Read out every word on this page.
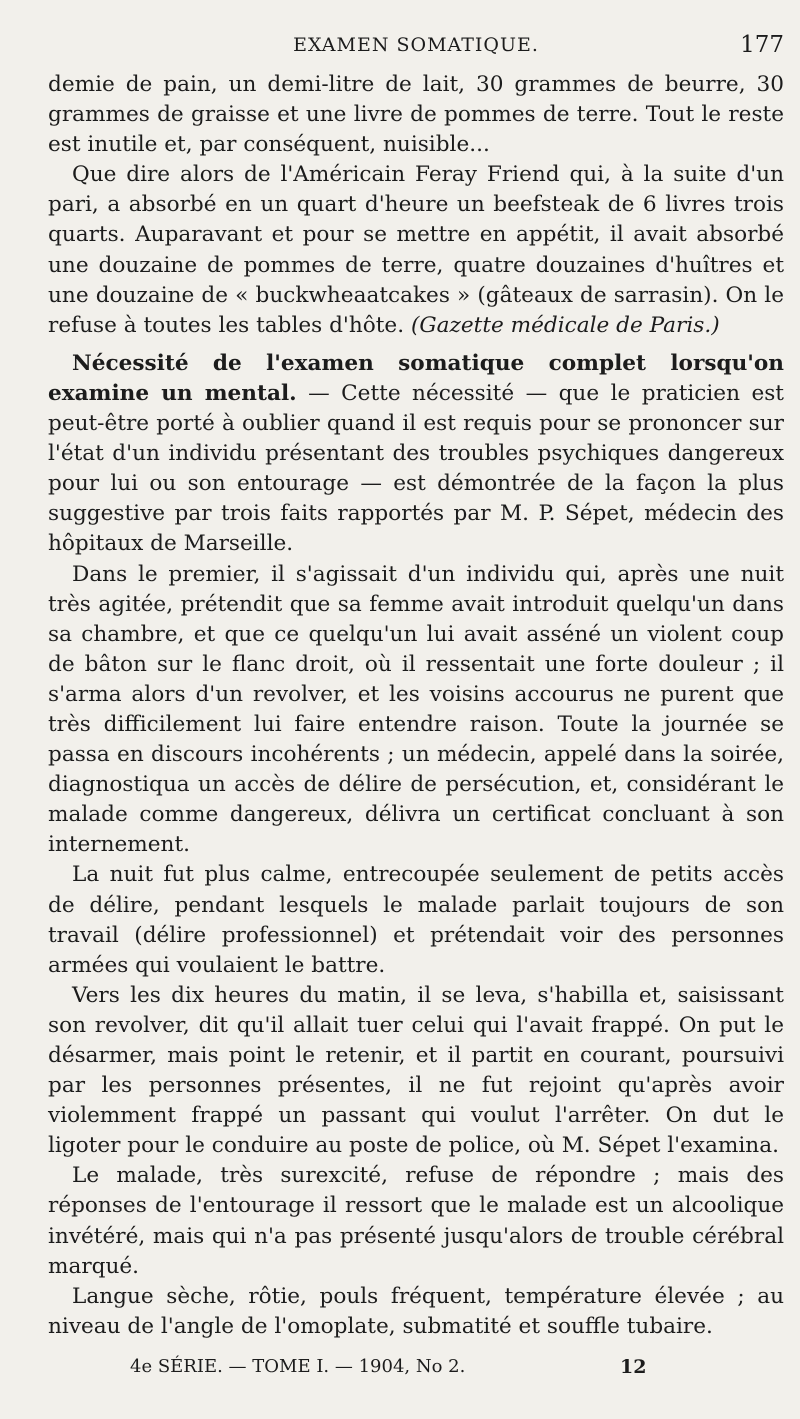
EXAMEN SOMATIQUE.	177

demie de pain, un demi-litre de lait, 30 grammes de beurre, 30 grammes de graisse et une livre de pommes de terre. Tout le reste est inutile et, par conséquent, nuisible...

Que dire alors de l'Américain Feray Friend qui, à la suite d'un pari, a absorbé en un quart d'heure un beefsteak de 6 livres trois quarts. Auparavant et pour se mettre en appétit, il avait absorbé une douzaine de pommes de terre, quatre douzaines d'huîtres et une douzaine de « buckwheaatcakes » (gâteaux de sarrasin). On le refuse à toutes les tables d'hôte. (Gazette médicale de Paris.)

Nécessité de l'examen somatique complet lorsqu'on examine un mental. — Cette nécessité — que le praticien est peut-être porté à oublier quand il est requis pour se prononcer sur l'état d'un individu présentant des troubles psychiques dangereux pour lui ou son entourage — est démontrée de la façon la plus suggestive par trois faits rapportés par M. P. Sépet, médecin des hôpitaux de Marseille.

Dans le premier, il s'agissait d'un individu qui, après une nuit très agitée, prétendit que sa femme avait introduit quelqu'un dans sa chambre, et que ce quelqu'un lui avait asséné un violent coup de bâton sur le flanc droit, où il ressentait une forte douleur ; il s'arma alors d'un revolver, et les voisins accourus ne purent que très difficilement lui faire entendre raison. Toute la journée se passa en discours incohérents ; un médecin, appelé dans la soirée, diagnostiqua un accès de délire de persécution, et, considérant le malade comme dangereux, délivra un certificat concluant à son internement.

La nuit fut plus calme, entrecoupée seulement de petits accès de délire, pendant lesquels le malade parlait toujours de son travail (délire professionnel) et prétendait voir des personnes armées qui voulaient le battre.

Vers les dix heures du matin, il se leva, s'habilla et, saisissant son revolver, dit qu'il allait tuer celui qui l'avait frappé. On put le désarmer, mais point le retenir, et il partit en courant, poursuivi par les personnes présentes, il ne fut rejoint qu'après avoir violemment frappé un passant qui voulut l'arrêter. On dut le ligoter pour le conduire au poste de police, où M. Sépet l'examina.

Le malade, très surexcité, refuse de répondre ; mais des réponses de l'entourage il ressort que le malade est un alcoolique invétéré, mais qui n'a pas présenté jusqu'alors de trouble cérébral marqué.

Langue sèche, rôtie, pouls fréquent, température élevée ; au niveau de l'angle de l'omoplate, submatité et souffle tubaire.

4e SÉRIE. — TOME I. — 1904, No 2.	12
